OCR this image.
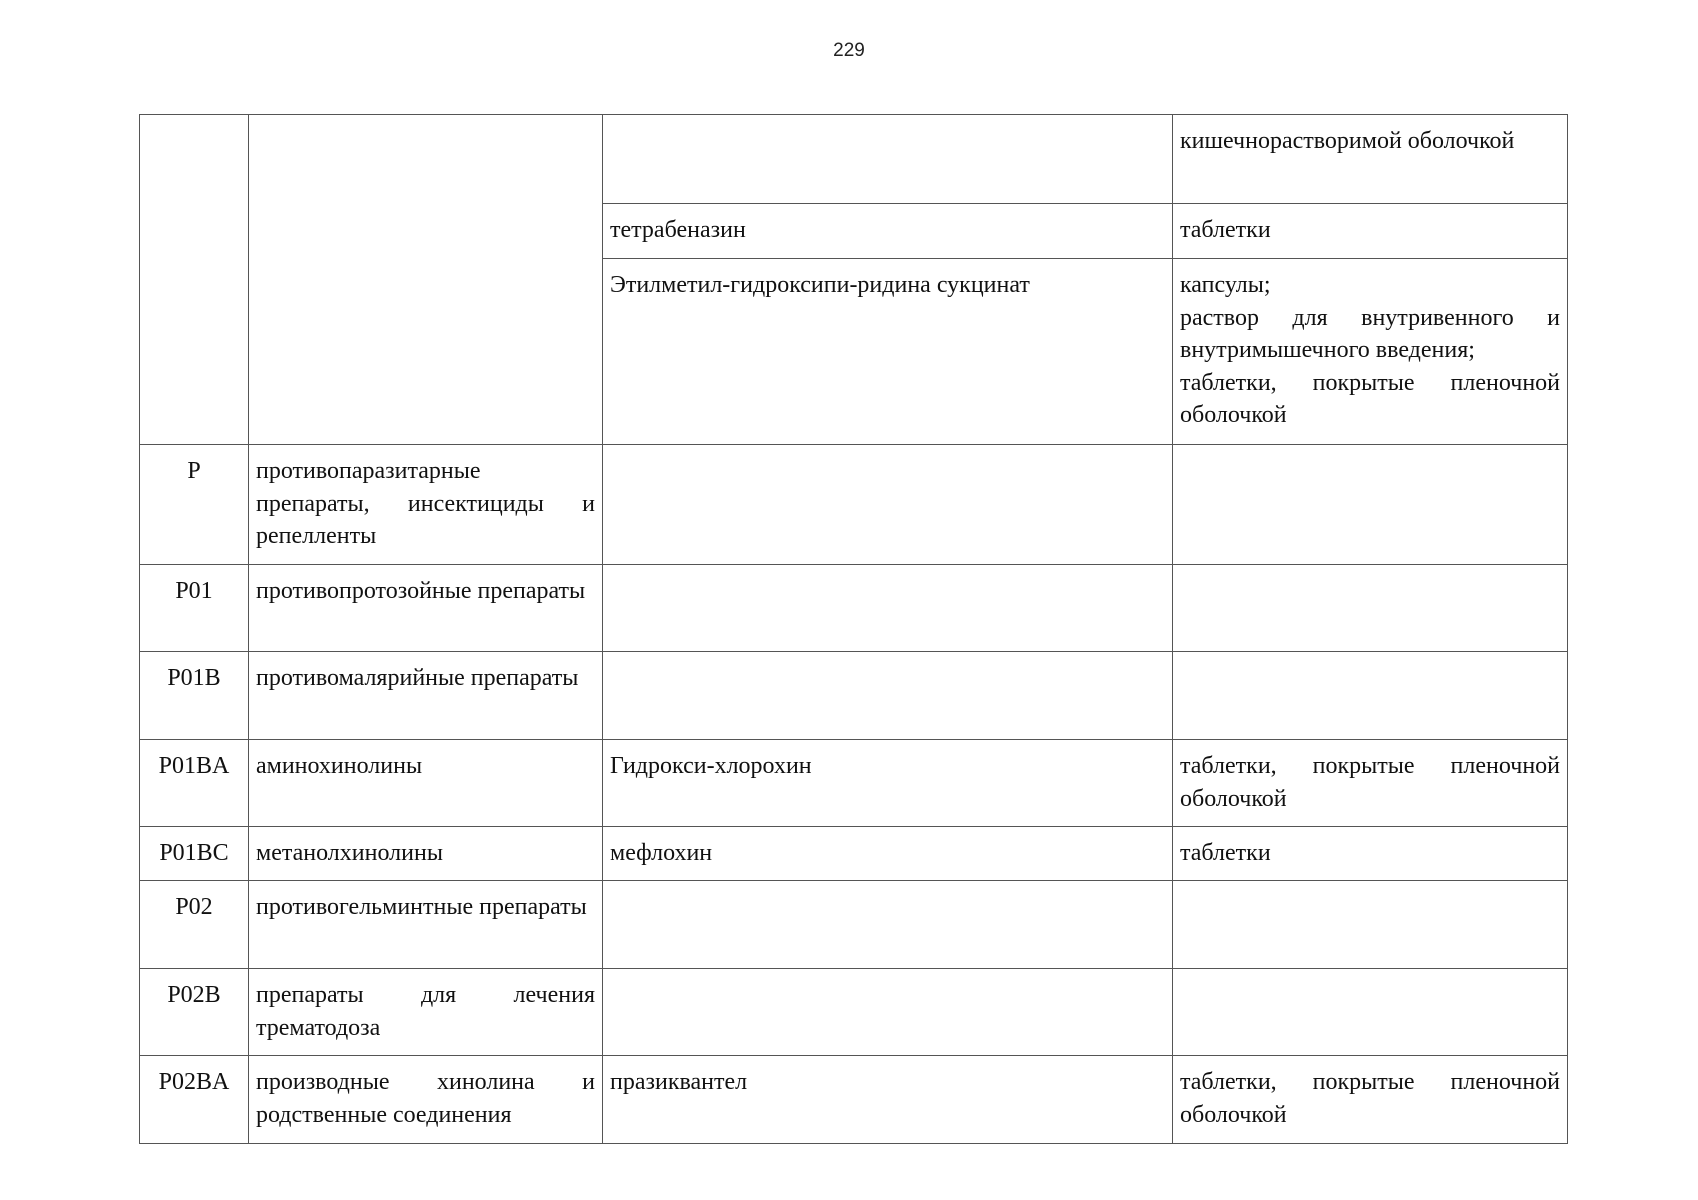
229
			кишечнорастворимой оболочкой
		тетрабеназин	таблетки
		Этилметил-гидроксипи-ридина сукцинат	капсулы;
раствор для внутривенного и внутримышечного введения;
таблетки, покрытые пленочной оболочкой

P	противопаразитарные препараты, инсектициды и репелленты		
P01	противопротозойные препараты		
P01B	противомалярийные препараты		
P01BA	аминохинолины	Гидрокси-хлорохин	таблетки, покрытые пленочной оболочкой
P01BC	метанолхинолины	мефлохин	таблетки
P02	противогельминтные препараты		
P02B	препараты для лечения трематодоза		
P02BA	производные хинолина и родственные соединения	празиквантел	таблетки, покрытые пленочной оболочкой
